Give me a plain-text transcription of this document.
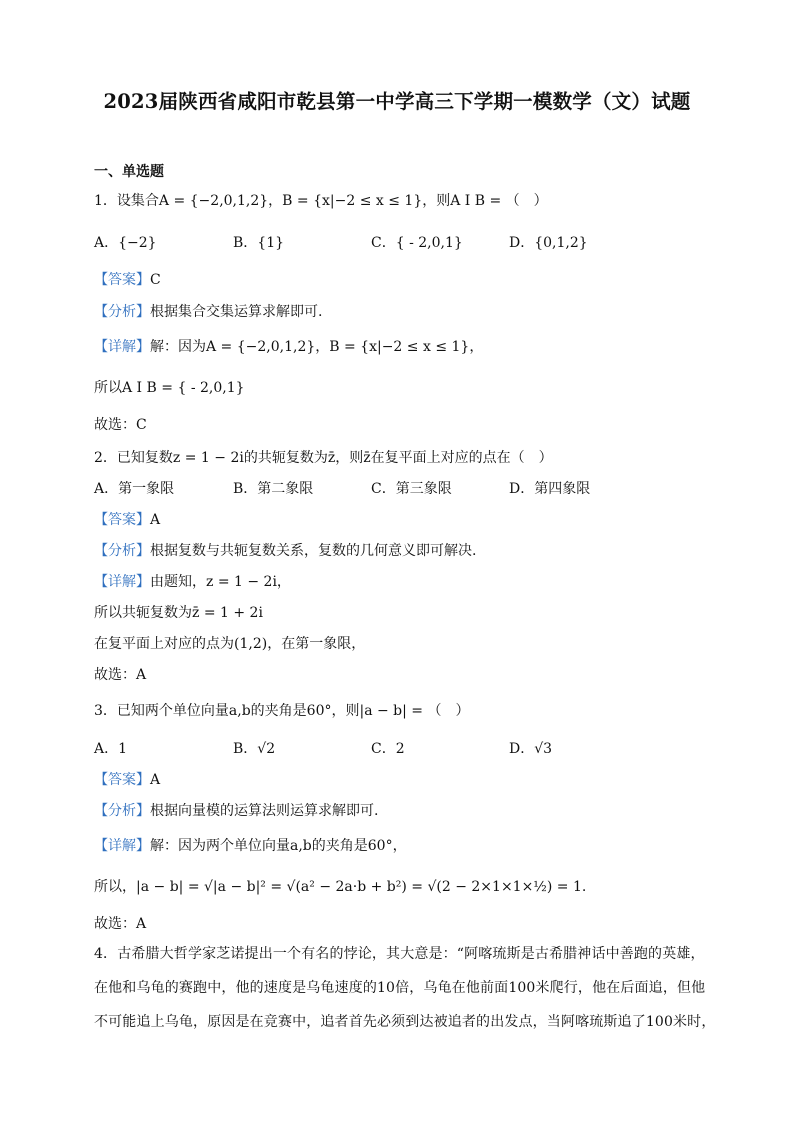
2023届陕西省咸阳市乾县第一中学高三下学期一模数学（文）试题
一、单选题
1．设集合A = {−2,0,1,2}，B = {x|−2 ≤ x ≤ 1}，则A I B = （　）
A．{−2}	B．{1}	C．{ - 2,0,1}	D．{0,1,2}
【答案】C
【分析】根据集合交集运算求解即可.
【详解】解：因为A = {−2,0,1,2}，B = {x|−2 ≤ x ≤ 1}，
所以A I B = { - 2,0,1}
故选：C
2．已知复数z = 1 − 2i的共轭复数为z̄，则z̄在复平面上对应的点在（　）
A．第一象限	B．第二象限	C．第三象限	D．第四象限
【答案】A
【分析】根据复数与共轭复数关系，复数的几何意义即可解决.
【详解】由题知，z = 1 − 2i，
所以共轭复数为z̄ = 1 + 2i
在复平面上对应的点为(1,2)，在第一象限，
故选：A
3．已知两个单位向量a,b的夹角是60°，则|a − b| = （　）
A．1	B．√2	C．2	D．√3
【答案】A
【分析】根据向量模的运算法则运算求解即可.
【详解】解：因为两个单位向量a,b的夹角是60°，
所以，|a − b| = √|a − b|² = √(a² − 2a·b + b²) = √(2 − 2×1×1×½) = 1.
故选：A
4．古希腊大哲学家芝诺提出一个有名的悖论，其大意是：“阿喀琉斯是古希腊神话中善跑的英雄，
在他和乌龟的赛跑中，他的速度是乌龟速度的10倍，乌龟在他前面100米爬行，他在后面追，但他
不可能追上乌龟，原因是在竞赛中，追者首先必须到达被追者的出发点，当阿喀琉斯追了100米时，
